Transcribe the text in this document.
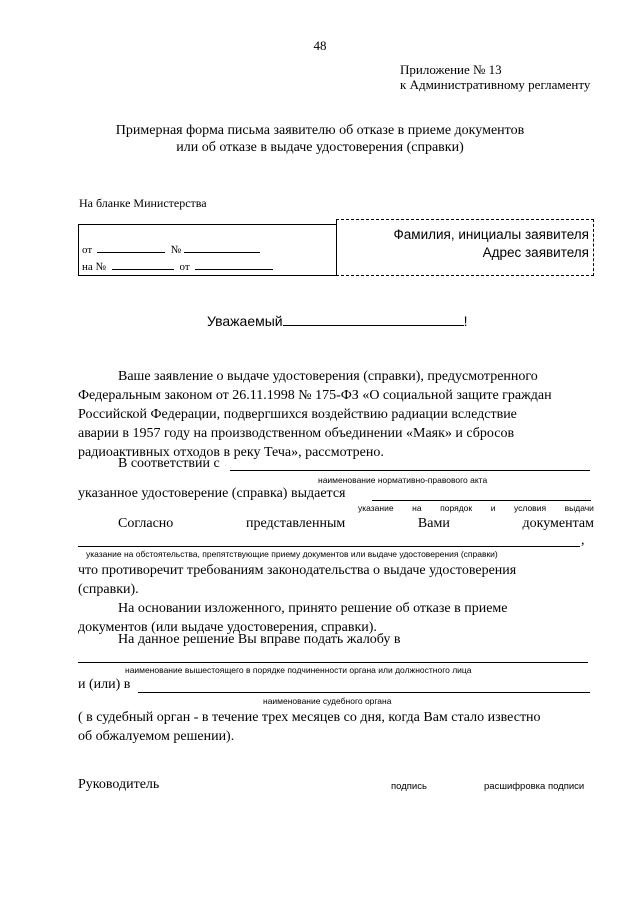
48
Приложение № 13
к Административному регламенту
Примерная форма письма заявителю об отказе в приеме документов
или об отказе в выдаче удостоверения (справки)
На бланке Министерства
от	№
на №	от
Фамилия, инициалы заявителя
Адрес заявителя
Уважаемый	!
Ваше заявление о выдаче удостоверения (справки), предусмотренного
Федеральным законом от 26.11.1998 № 175-ФЗ «О социальной защите граждан
Российской Федерации, подвергшихся воздействию радиации вследствие
аварии в 1957 году на производственном объединении «Маяк» и сбросов
радиоактивных отходов в реку Теча», рассмотрено.
В соответствии с
наименование нормативно-правового акта
указанное удостоверение (справка) выдается
указание на порядок и условия выдачи
Согласно	представленным	Вами	документам
,
указание на обстоятельства, препятствующие приему документов или выдаче удостоверения (справки)
что противоречит требованиям законодательства о выдаче удостоверения
(справки).
На основании изложенного, принято решение об отказе в приеме
документов (или выдаче удостоверения, справки).
На данное решение Вы вправе подать жалобу в
наименование вышестоящего в порядке подчиненности органа или должностного лица
и (или) в
наименование судебного органа
( в судебный орган - в течение трех месяцев со дня, когда Вам стало известно
об обжалуемом решении).
Руководитель	подпись	расшифровка подписи
